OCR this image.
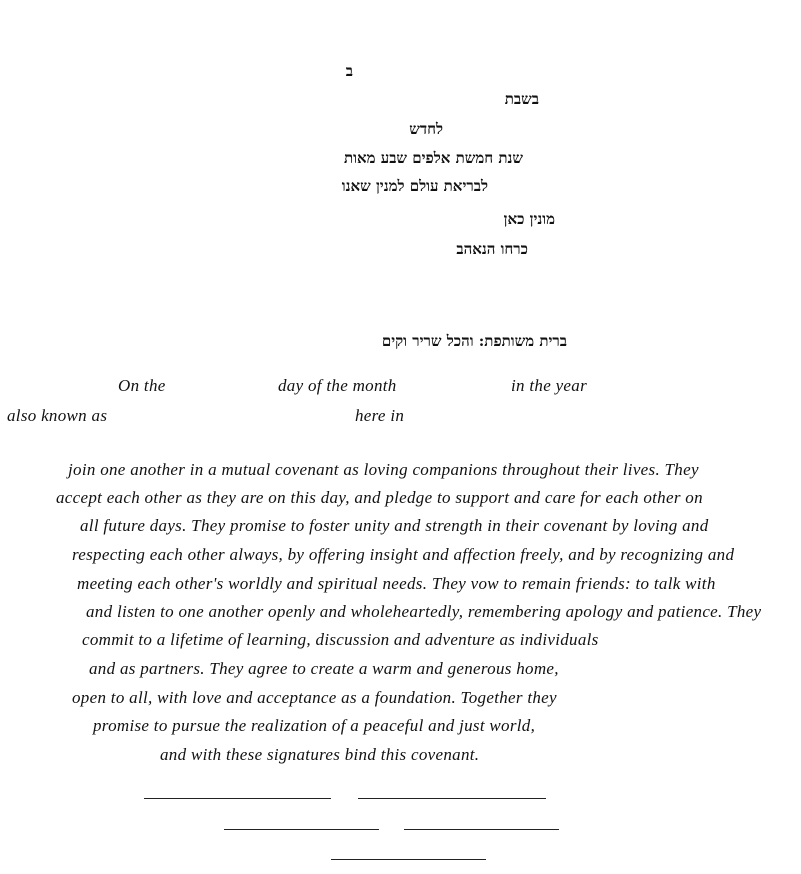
ב
בשבת
לחדש
שנת חמשת אלפים שבע מאות
לבריאת עולם למנין שאנו
מונין כאן
כרחו הנאהב
ברית משותפת: והכל שריר וקים
On the	day of the month	in the year
also known as	here in
join one another in a mutual covenant as loving companions throughout their lives. They
accept each other as they are on this day, and pledge to support and care for each other on
all future days. They promise to foster unity and strength in their covenant by loving and
respecting each other always, by offering insight and affection freely, and by recognizing and
meeting each other's worldly and spiritual needs. They vow to remain friends: to talk with
and listen to one another openly and wholeheartedly, remembering apology and patience. They
commit to a lifetime of learning, discussion and adventure as individuals
and as partners. They agree to create a warm and generous home,
open to all, with love and acceptance as a foundation. Together they
promise to pursue the realization of a peaceful and just world,
and with these signatures bind this covenant.
